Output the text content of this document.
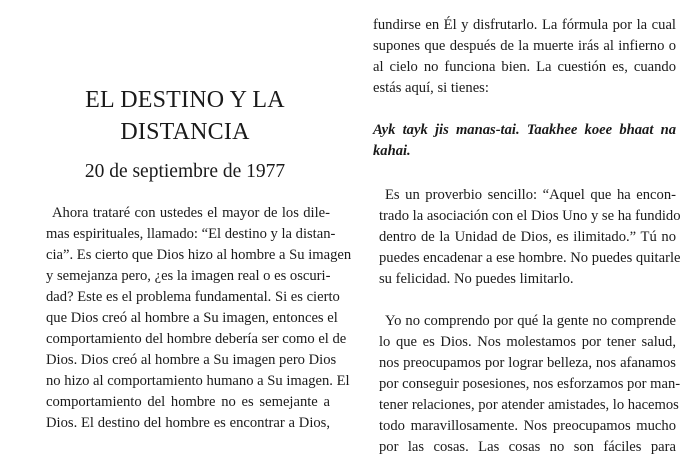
EL DESTINO Y LA
DISTANCIA
20 de septiembre de 1977
Ahora trataré con ustedes el mayor de los dile-
mas espirituales, llamado: “El destino y la distan-
cia”. Es cierto que Dios hizo al hombre a Su imagen
y semejanza pero, ¿es la imagen real o es oscuri-
dad? Este es el problema fundamental. Si es cierto
que Dios creó al hombre a Su imagen, entonces el
comportamiento del hombre debería ser como el de
Dios. Dios creó al hombre a Su imagen pero Dios
no hizo al comportamiento humano a Su imagen. El
comportamiento del hombre no es semejante a
Dios. El destino del hombre es encontrar a Dios,
fundirse en Él y disfrutarlo. La fórmula por la cual
supones que después de la muerte irás al infierno o
al cielo no funciona bien. La cuestión es, cuando
estás aquí, si tienes:
Ayk tayk jis manas-tai. Taakhee koee bhaat na
kahai.
Es un proverbio sencillo: “Aquel que ha encon-
trado la asociación con el Dios Uno y se ha fundido
dentro de la Unidad de Dios, es ilimitado.” Tú no
puedes encadenar a ese hombre. No puedes quitarle
su felicidad. No puedes limitarlo.
Yo no comprendo por qué la gente no comprende
lo que es Dios. Nos molestamos por tener salud,
nos preocupamos por lograr belleza, nos afanamos
por conseguir posesiones, nos esforzamos por man-
tener relaciones, por atender amistades, lo hacemos
todo maravillosamente. Nos preocupamos mucho
por las cosas. Las cosas no son fáciles para
